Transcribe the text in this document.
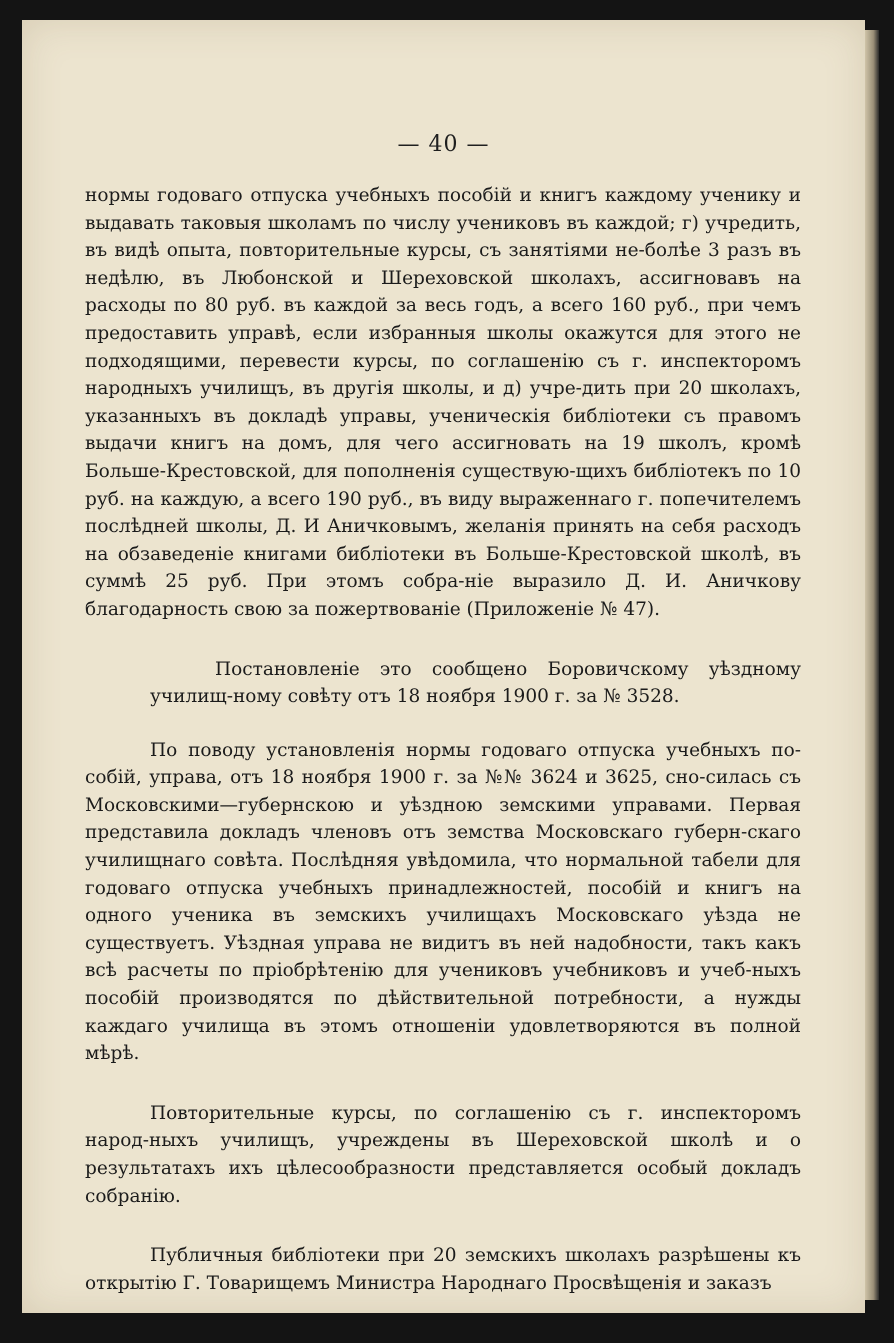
— 40 —

нормы годоваго отпуска учебныхъ пособій и книгъ каждому ученику и выдавать таковыя школамъ по числу учениковъ въ каждой; г) учредить, въ видѣ опыта, повторительные курсы, съ занятіями не-болѣе 3 разъ въ недѣлю, въ Любонской и Шереховской школахъ, ассигновавъ на расходы по 80 руб. въ каждой за весь годъ, а всего 160 руб., при чемъ предоставить управѣ, если избранныя школы окажутся для этого не подходящими, перевести курсы, по соглашенію съ г. инспекторомъ народныхъ училищъ, въ другія школы, и д) учре-дить при 20 школахъ, указанныхъ въ докладѣ управы, ученическія библіотеки съ правомъ выдачи книгъ на домъ, для чего ассигновать на 19 школъ, кромѣ Больше-Крестовской, для пополненія существую-щихъ библіотекъ по 10 руб. на каждую, а всего 190 руб., въ виду выраженнаго г. попечителемъ послѣдней школы, Д. И Аничковымъ, желанія принять на себя расходъ на обзаведеніе книгами библіотеки въ Больше-Крестовской школѣ, въ суммѣ 25 руб. При этомъ собра-ніе выразило Д. И. Аничкову благодарность свою за пожертвованіе (Приложеніе № 47).

Постановленіе это сообщено Боровичскому уѣздному училищ-ному совѣту отъ 18 ноября 1900 г. за № 3528.

По поводу установленія нормы годоваго отпуска учебныхъ по-собій, управа, отъ 18 ноября 1900 г. за №№ 3624 и 3625, сно-силась съ Московскими—губернскою и уѣздною земскими управами. Первая представила докладъ членовъ отъ земства Московскаго губерн-скаго училищнаго совѣта. Послѣдняя увѣдомила, что нормальной табели для годоваго отпуска учебныхъ принадлежностей, пособій и книгъ на одного ученика въ земскихъ училищахъ Московскаго уѣзда не существуетъ. Уѣздная управа не видитъ въ ней надобности, такъ какъ всѣ расчеты по пріобрѣтенію для учениковъ учебниковъ и учеб-ныхъ пособій производятся по дѣйствительной потребности, а нужды каждаго училища въ этомъ отношеніи удовлетворяются въ полной мѣрѣ.

Повторительные курсы, по соглашенію съ г. инспекторомъ народ-ныхъ училищъ, учреждены въ Шереховской школѣ и о результатахъ ихъ цѣлесообразности представляется особый докладъ собранію.

Публичныя библіотеки при 20 земскихъ школахъ разрѣшены къ открытію Г. Товарищемъ Министра Народнаго Просвѣщенія и заказъ
